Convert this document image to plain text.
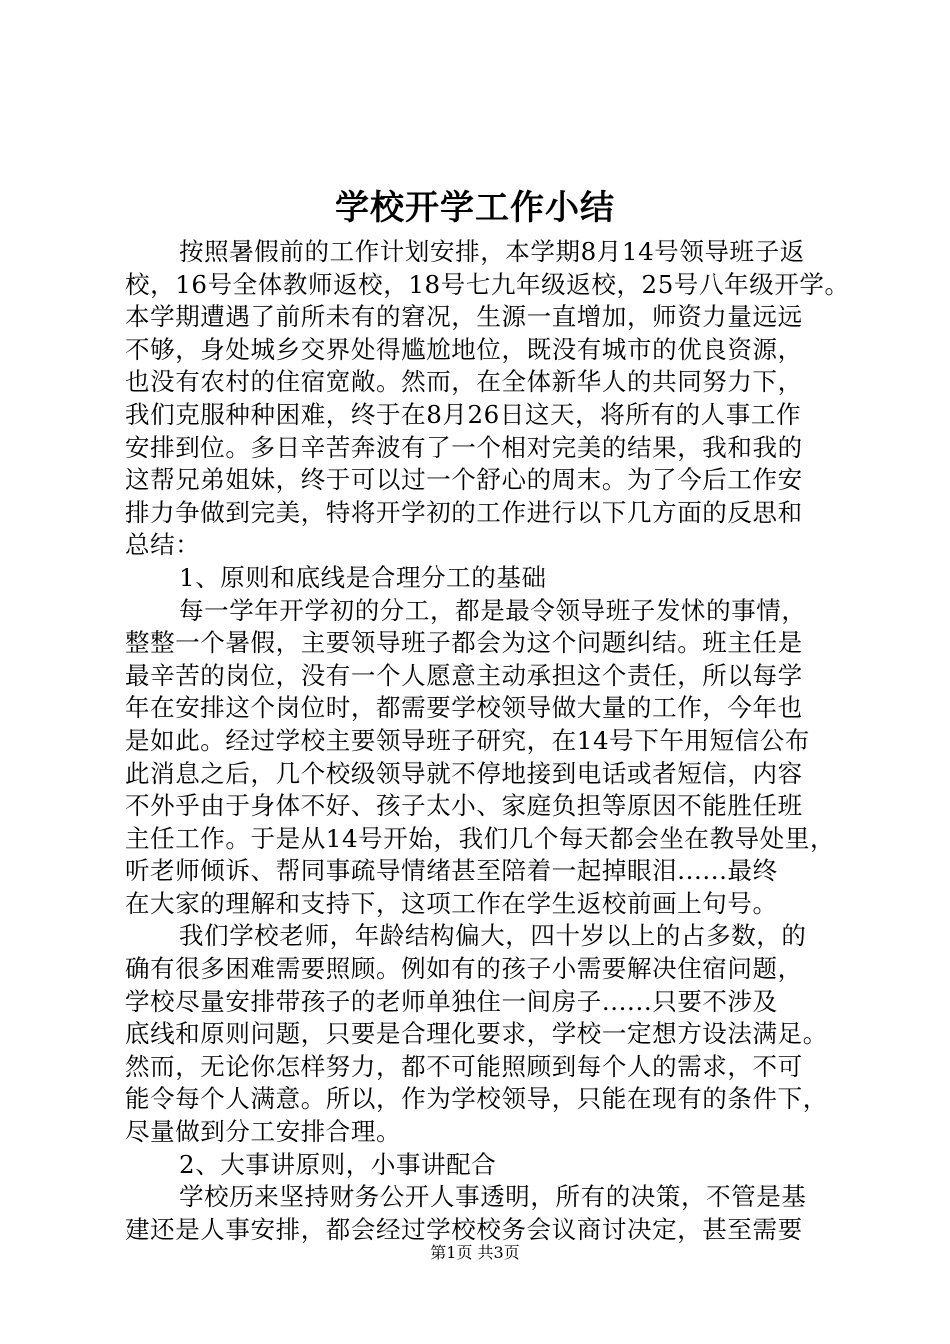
学校开学工作小结
按照暑假前的工作计划安排，本学期8月14号领导班子返
校，16号全体教师返校，18号七九年级返校，25号八年级开学。
本学期遭遇了前所未有的窘况，生源一直增加，师资力量远远
不够，身处城乡交界处得尴尬地位，既没有城市的优良资源，
也没有农村的住宿宽敞。然而，在全体新华人的共同努力下，
我们克服种种困难，终于在8月26日这天，将所有的人事工作
安排到位。多日辛苦奔波有了一个相对完美的结果，我和我的
这帮兄弟姐妹，终于可以过一个舒心的周末。为了今后工作安
排力争做到完美，特将开学初的工作进行以下几方面的反思和
总结：
1、原则和底线是合理分工的基础
每一学年开学初的分工，都是最令领导班子发怵的事情，
整整一个暑假，主要领导班子都会为这个问题纠结。班主任是
最辛苦的岗位，没有一个人愿意主动承担这个责任，所以每学
年在安排这个岗位时，都需要学校领导做大量的工作，今年也
是如此。经过学校主要领导班子研究，在14号下午用短信公布
此消息之后，几个校级领导就不停地接到电话或者短信，内容
不外乎由于身体不好、孩子太小、家庭负担等原因不能胜任班
主任工作。于是从14号开始，我们几个每天都会坐在教导处里，
听老师倾诉、帮同事疏导情绪甚至陪着一起掉眼泪......最终
在大家的理解和支持下，这项工作在学生返校前画上句号。
我们学校老师，年龄结构偏大，四十岁以上的占多数，的
确有很多困难需要照顾。例如有的孩子小需要解决住宿问题，
学校尽量安排带孩子的老师单独住一间房子......只要不涉及
底线和原则问题，只要是合理化要求，学校一定想方设法满足。
然而，无论你怎样努力，都不可能照顾到每个人的需求，不可
能令每个人满意。所以，作为学校领导，只能在现有的条件下，
尽量做到分工安排合理。
2、大事讲原则，小事讲配合
学校历来坚持财务公开人事透明，所有的决策，不管是基
建还是人事安排，都会经过学校校务会议商讨决定，甚至需要
第1页 共3页
